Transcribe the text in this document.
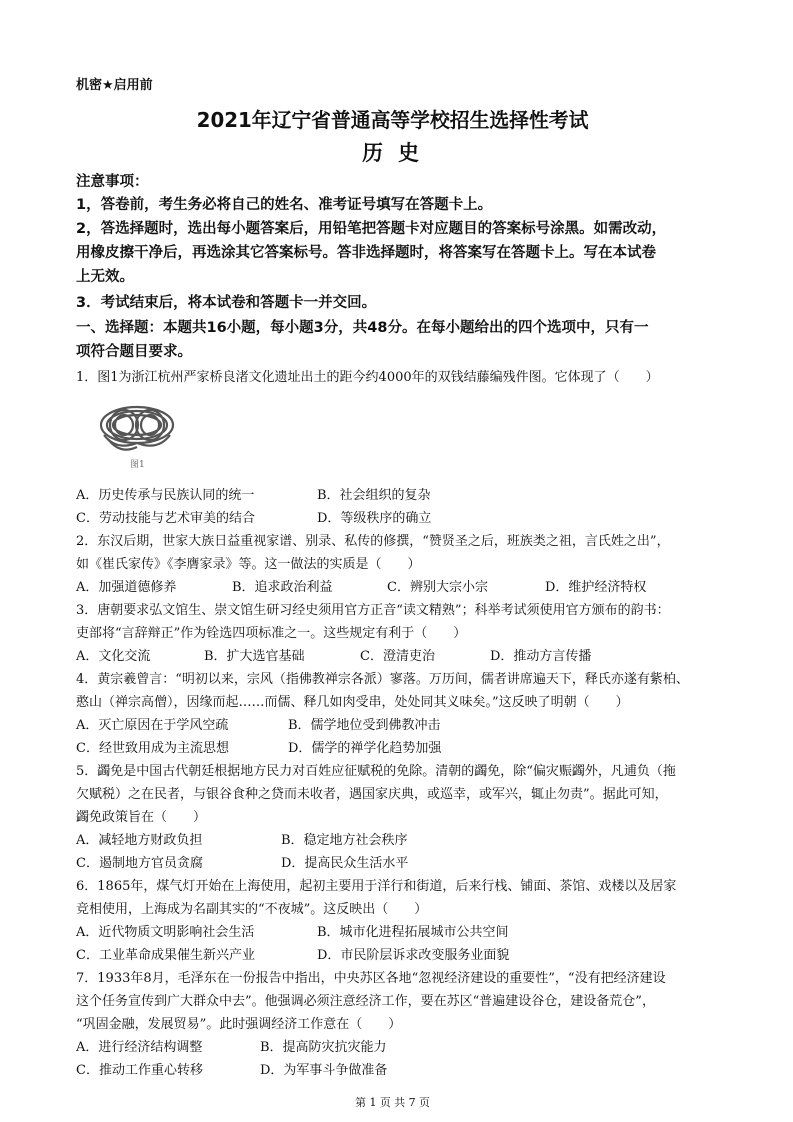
机密★启用前
2021年辽宁省普通高等学校招生选择性考试
历 史
注意事项：
1，答卷前，考生务必将自己的姓名、准考证号填写在答题卡上。
2，答选择题时，选出每小题答案后，用铅笔把答题卡对应题目的答案标号涂黑。如需改动，
用橡皮擦干净后，再选涂其它答案标号。答非选择题时，将答案写在答题卡上。写在本试卷
上无效。
3．考试结束后，将本试卷和答题卡一并交回。
一、选择题：本题共16小题，每小题3分，共48分。在每小题给出的四个选项中，只有一
项符合题目要求。
1．图1为浙江杭州严家桥良渚文化遗址出土的距今约4000年的双钱结藤编残件图。它体现了（　　）
图1
A．历史传承与民族认同的统一	B．社会组织的复杂
C．劳动技能与艺术审美的结合	D．等级秩序的确立
2．东汉后期，世家大族日益重视家谱、别录、私传的修撰，“赞贤圣之后，班族类之祖，言氏姓之出”，
如《崔氏家传》《李膺家录》等。这一做法的实质是（　　）
A．加强道德修养	B．追求政治利益	C．辨别大宗小宗	D．维护经济特权
3．唐朝要求弘文馆生、崇文馆生研习经史须用官方正音“读文精熟”；科举考试须使用官方颁布的韵书：
吏部将“言辞辩正”作为铨选四项标准之一。这些规定有利于（　　）
A．文化交流	B．扩大选官基础	C．澄清吏治	D．推动方言传播
4．黄宗羲曾言：“明初以来，宗风（指佛教禅宗各派）寥落。万历间，儒者讲席遍天下，释氏亦遂有紫柏、
憨山（禅宗高僧），因缘而起……而儒、释几如肉受串，处处同其义味矣。”这反映了明朝（　　）
A．灭亡原因在于学风空疏	B．儒学地位受到佛教冲击
C．经世致用成为主流思想	D．儒学的禅学化趋势加强
5．蠲免是中国古代朝廷根据地方民力对百姓应征赋税的免除。清朝的蠲免，除“偏灾赈蠲外，凡逋负（拖
欠赋税）之在民者，与银谷食种之贷而未收者，遇国家庆典，或巡幸，或军兴，辄止勿责”。据此可知，
蠲免政策旨在（　　）
A．减轻地方财政负担	B．稳定地方社会秩序
C．遏制地方官员贪腐	D．提高民众生活水平
6．1865年，煤气灯开始在上海使用，起初主要用于洋行和街道，后来行栈、铺面、茶馆、戏楼以及居家
竞相使用，上海成为名副其实的“不夜城”。这反映出（　　）
A．近代物质文明影响社会生活	B．城市化进程拓展城市公共空间
C．工业革命成果催生新兴产业	D．市民阶层诉求改变服务业面貌
7．1933年8月，毛泽东在一份报告中指出，中央苏区各地“忽视经济建设的重要性”，“没有把经济建设
这个任务宣传到广大群众中去”。他强调必须注意经济工作，要在苏区“普遍建设谷仓，建设备荒仓”，
“巩固金融，发展贸易”。此时强调经济工作意在（　　）
A．进行经济结构调整	B．提高防灾抗灾能力
C．推动工作重心转移	D．为军事斗争做准备
第 1 页 共 7 页
